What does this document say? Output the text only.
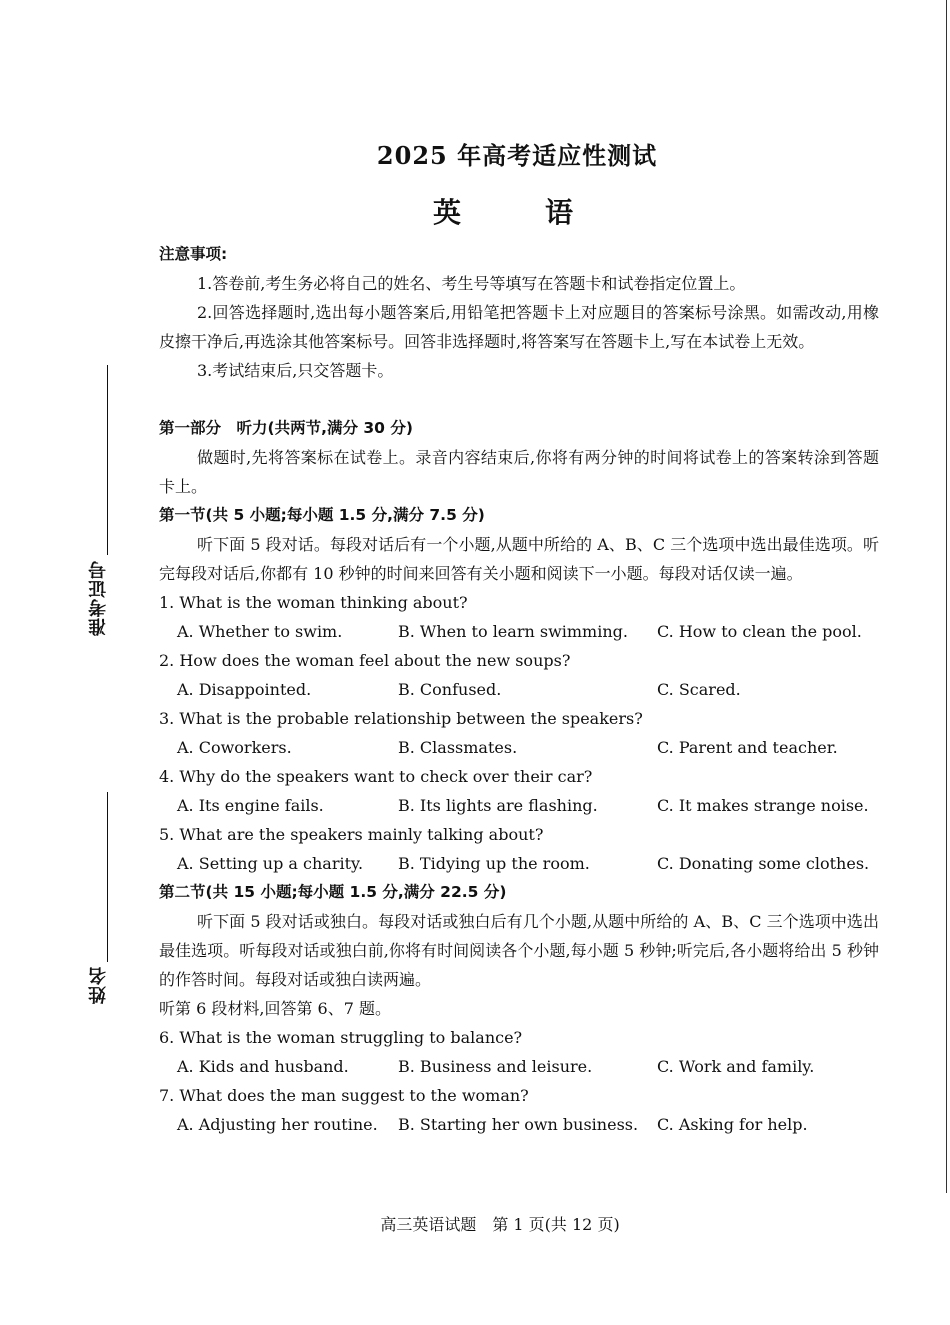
准考证号
姓名
2025 年高考适应性测试
英　语
注意事项:
1.答卷前,考生务必将自己的姓名、考生号等填写在答题卡和试卷指定位置上。
2.回答选择题时,选出每小题答案后,用铅笔把答题卡上对应题目的答案标号涂黑。如需改动,用橡皮擦干净后,再选涂其他答案标号。回答非选择题时,将答案写在答题卡上,写在本试卷上无效。
3.考试结束后,只交答题卡。
第一部分　听力(共两节,满分 30 分)
做题时,先将答案标在试卷上。录音内容结束后,你将有两分钟的时间将试卷上的答案转涂到答题卡上。
第一节(共 5 小题;每小题 1.5 分,满分 7.5 分)
听下面 5 段对话。每段对话后有一个小题,从题中所给的 A、B、C 三个选项中选出最佳选项。听完每段对话后,你都有 10 秒钟的时间来回答有关小题和阅读下一小题。每段对话仅读一遍。
1. What is the woman thinking about?
A. Whether to swim.	B. When to learn swimming. C. How to clean the pool.
2. How does the woman feel about the new soups?
A. Disappointed.	B. Confused.	C. Scared.
3. What is the probable relationship between the speakers?
A. Coworkers.	B. Classmates.	C. Parent and teacher.
4. Why do the speakers want to check over their car?
A. Its engine fails.	B. Its lights are flashing.	C. It makes strange noise.
5. What are the speakers mainly talking about?
A. Setting up a charity. B. Tidying up the room.	C. Donating some clothes.
第二节(共 15 小题;每小题 1.5 分,满分 22.5 分)
听下面 5 段对话或独白。每段对话或独白后有几个小题,从题中所给的 A、B、C 三个选项中选出最佳选项。听每段对话或独白前,你将有时间阅读各个小题,每小题 5 秒钟;听完后,各小题将给出 5 秒钟的作答时间。每段对话或独白读两遍。
听第 6 段材料,回答第 6、7 题。
6. What is the woman struggling to balance?
A. Kids and husband.	B. Business and leisure.	C. Work and family.
7. What does the man suggest to the woman?
A. Adjusting her routine. B. Starting her own business. C. Asking for help.
高三英语试题　第 1 页(共 12 页)
